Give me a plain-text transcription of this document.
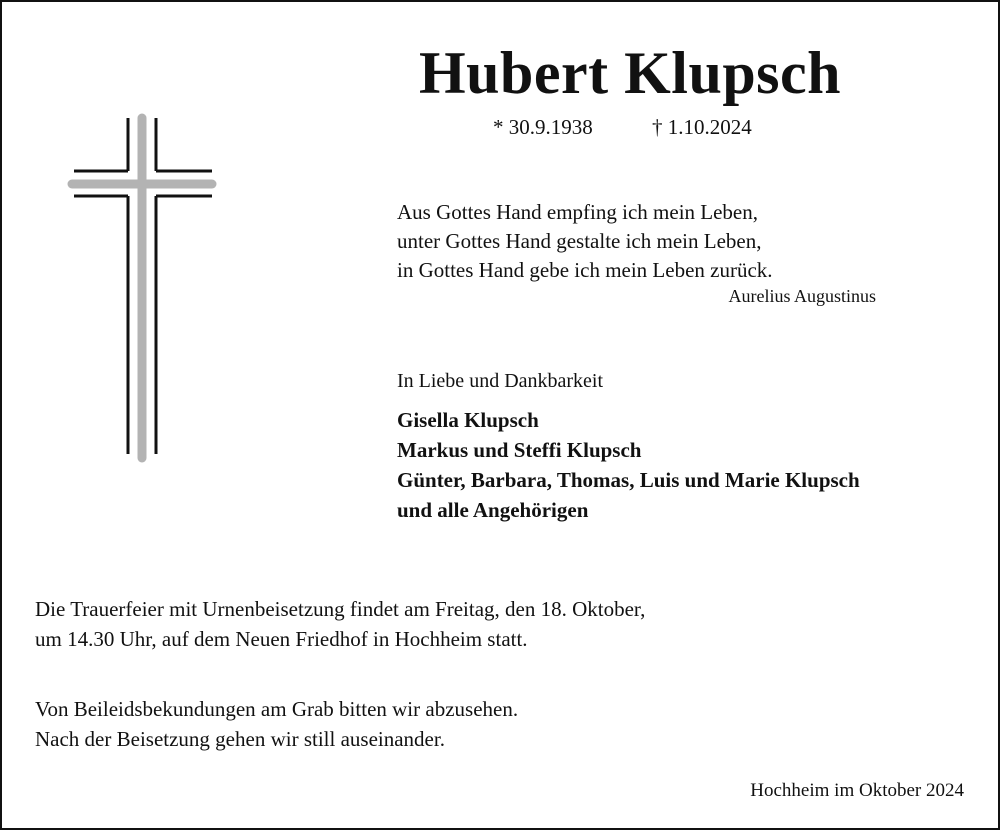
Hubert Klupsch
* 30.9.1938	† 1.10.2024
Aus Gottes Hand empfing ich mein Leben,
unter Gottes Hand gestalte ich mein Leben,
in Gottes Hand gebe ich mein Leben zurück.
Aurelius Augustinus
In Liebe und Dankbarkeit
Gisella Klupsch
Markus und Steffi Klupsch
Günter, Barbara, Thomas, Luis und Marie Klupsch
und alle Angehörigen
Die Trauerfeier mit Urnenbeisetzung findet am Freitag, den 18. Oktober,
um 14.30 Uhr, auf dem Neuen Friedhof in Hochheim statt.
Von Beileidsbekundungen am Grab bitten wir abzusehen.
Nach der Beisetzung gehen wir still auseinander.
Hochheim im Oktober 2024
